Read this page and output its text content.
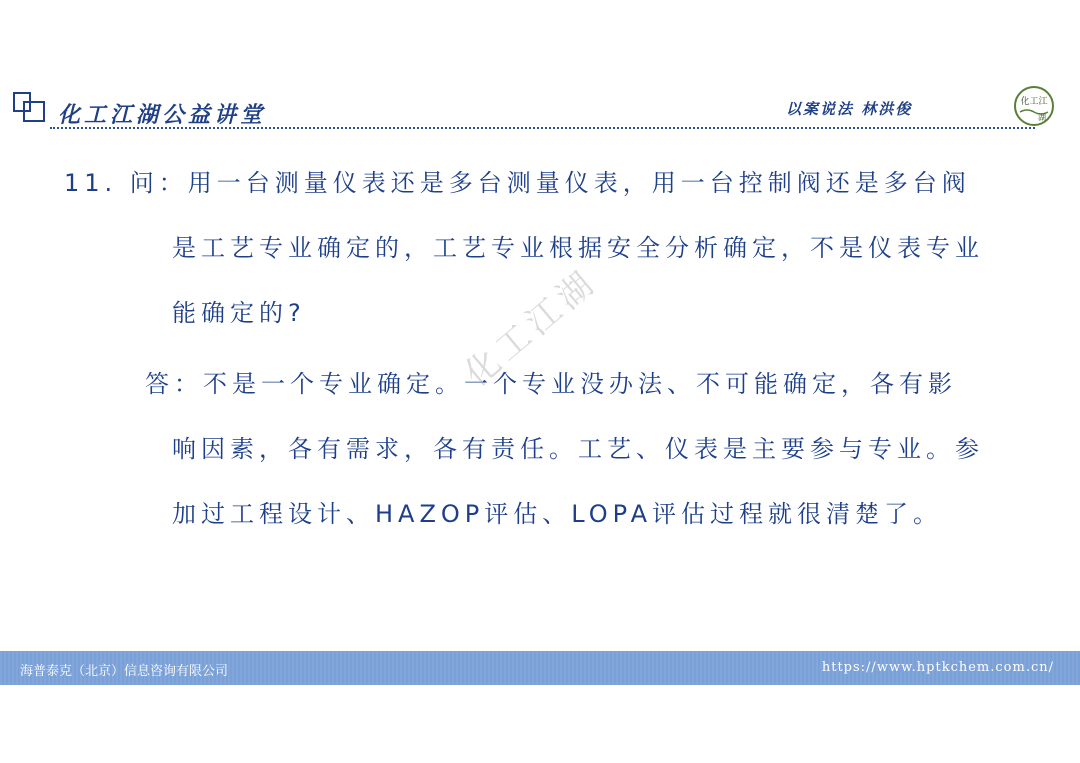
化工江湖公益讲堂	以案说法 林洪俊	化工江
湖
11. 问：用一台测量仪表还是多台测量仪表，用一台控制阀还是多台阀
是工艺专业确定的，工艺专业根据安全分析确定，不是仪表专业
能确定的?
答：不是一个专业确定。一个专业没办法、不可能确定，各有影
响因素，各有需求，各有责任。工艺、仪表是主要参与专业。参
加过工程设计、HAZOP评估、LOPA评估过程就很清楚了。
化工江湖
海普泰克（北京）信息咨询有限公司	https://www.hptkchem.com.cn/
